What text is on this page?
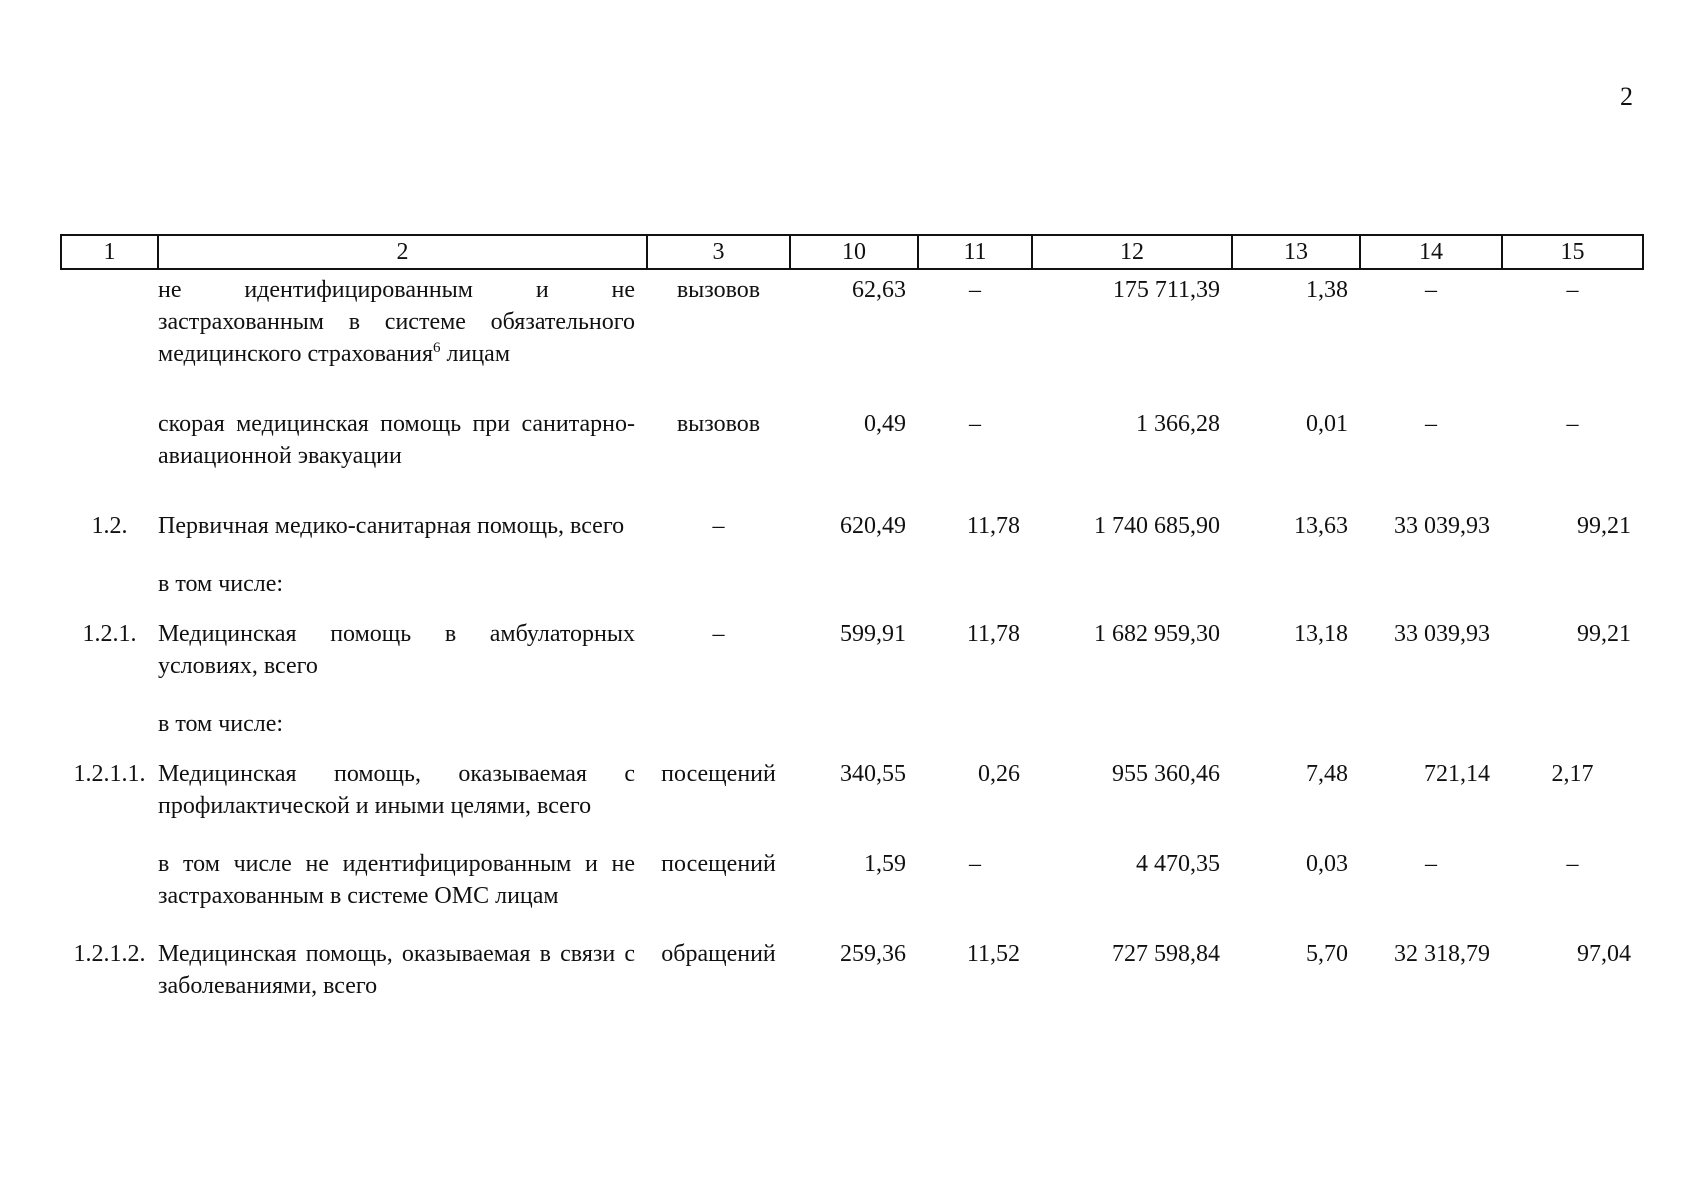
2
1	2	3	10	11	12	13	14	15

	не идентифицированным и не застрахованным в системе обязательного медицинского страхования$^6$ лицам	вызовов	62,63	–	175 711,39	1,38	–	–
	скорая медицинская помощь при санитарно-авиационной эвакуации	вызовов	0,49	–	1 366,28	0,01	–	–
1.2.	Первичная медико-санитарная помощь, всего	–	620,49	11,78	1 740 685,90	13,63	33 039,93	99,21
	в том числе:							
1.2.1.	Медицинская помощь в амбулаторных условиях, всего	–	599,91	11,78	1 682 959,30	13,18	33 039,93	99,21
	в том числе:							
1.2.1.1.	Медицинская помощь, оказываемая с профилактической и иными целями, всего	посещений	340,55	0,26	955 360,46	7,48	721,14	2,17
	в том числе не идентифицированным и не застрахованным в системе ОМС лицам	посещений	1,59	–	4 470,35	0,03	–	–
1.2.1.2.	Медицинская помощь, оказываемая в связи с заболеваниями, всего	обращений	259,36	11,52	727 598,84	5,70	32 318,79	97,04
